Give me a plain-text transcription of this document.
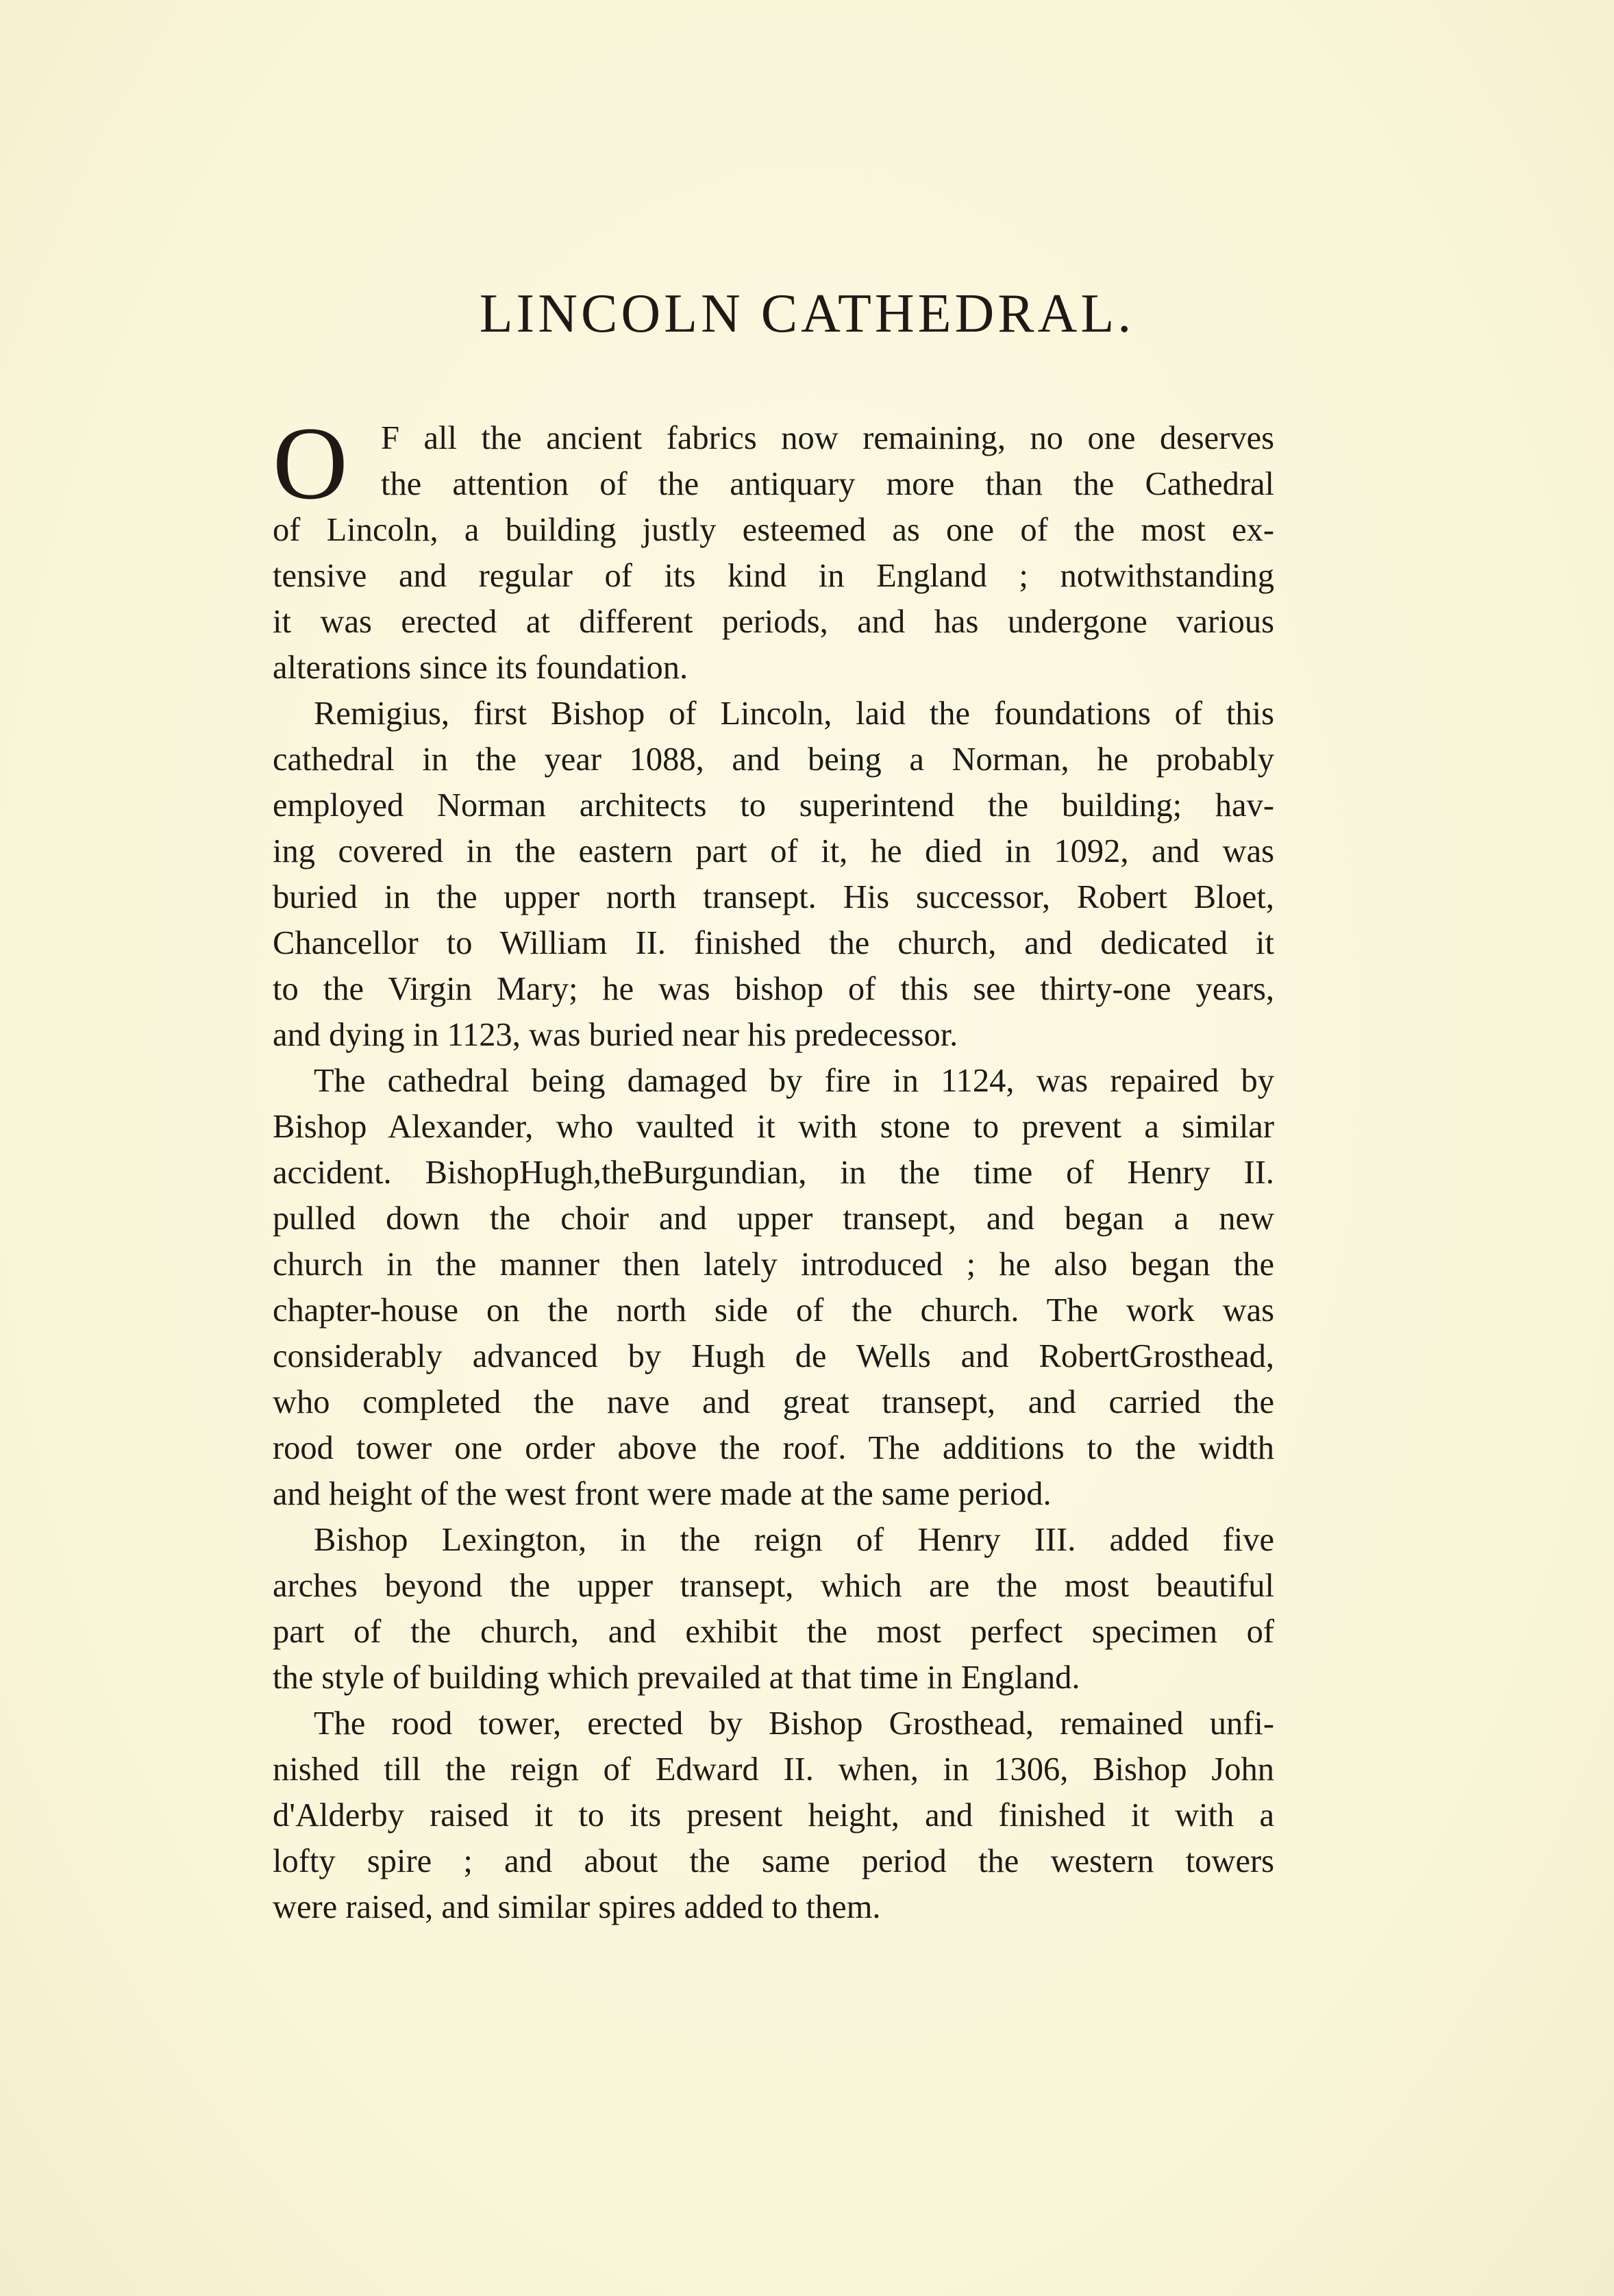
LINCOLN CATHEDRAL.
O F all the ancient fabrics now remaining, no one deserves
the attention of the antiquary more than the Cathedral
of Lincoln, a building justly esteemed as one of the most ex-
tensive and regular of its kind in England ; notwithstanding
it was erected at different periods, and has undergone various
alterations since its foundation.
Remigius, first Bishop of Lincoln, laid the foundations of this
cathedral in the year 1088, and being a Norman, he probably
employed Norman architects to superintend the building; hav-
ing covered in the eastern part of it, he died in 1092, and was
buried in the upper north transept. His successor, Robert Bloet,
Chancellor to William II. finished the church, and dedicated it
to the Virgin Mary; he was bishop of this see thirty-one years,
and dying in 1123, was buried near his predecessor.
The cathedral being damaged by fire in 1124, was repaired by
Bishop Alexander, who vaulted it with stone to prevent a similar
accident. BishopHugh,theBurgundian, in the time of Henry II.
pulled down the choir and upper transept, and began a new
church in the manner then lately introduced ; he also began the
chapter-house on the north side of the church. The work was
considerably advanced by Hugh de Wells and RobertGrosthead,
who completed the nave and great transept, and carried the
rood tower one order above the roof. The additions to the width
and height of the west front were made at the same period.
Bishop Lexington, in the reign of Henry III. added five
arches beyond the upper transept, which are the most beautiful
part of the church, and exhibit the most perfect specimen of
the style of building which prevailed at that time in England.
The rood tower, erected by Bishop Grosthead, remained unfi-
nished till the reign of Edward II. when, in 1306, Bishop John
d'Alderby raised it to its present height, and finished it with a
lofty spire ; and about the same period the western towers
were raised, and similar spires added to them.
